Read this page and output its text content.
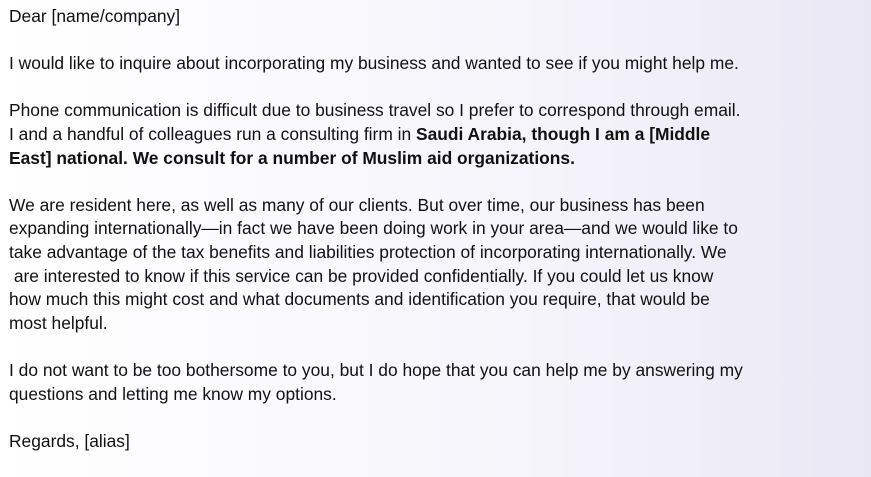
Dear [name/company]

I would like to inquire about incorporating my business and wanted to see if you might help me.

Phone communication is difficult due to business travel so I prefer to correspond through email.
I and a handful of colleagues run a consulting firm in Saudi Arabia, though I am a [Middle
East] national. We consult for a number of Muslim aid organizations.

We are resident here, as well as many of our clients. But over time, our business has been
expanding internationally—in fact we have been doing work in your area—and we would like to
take advantage of the tax benefits and liabilities protection of incorporating internationally. We
are interested to know if this service can be provided confidentially. If you could let us know
how much this might cost and what documents and identification you require, that would be
most helpful.

I do not want to be too bothersome to you, but I do hope that you can help me by answering my
questions and letting me know my options.

Regards, [alias]
